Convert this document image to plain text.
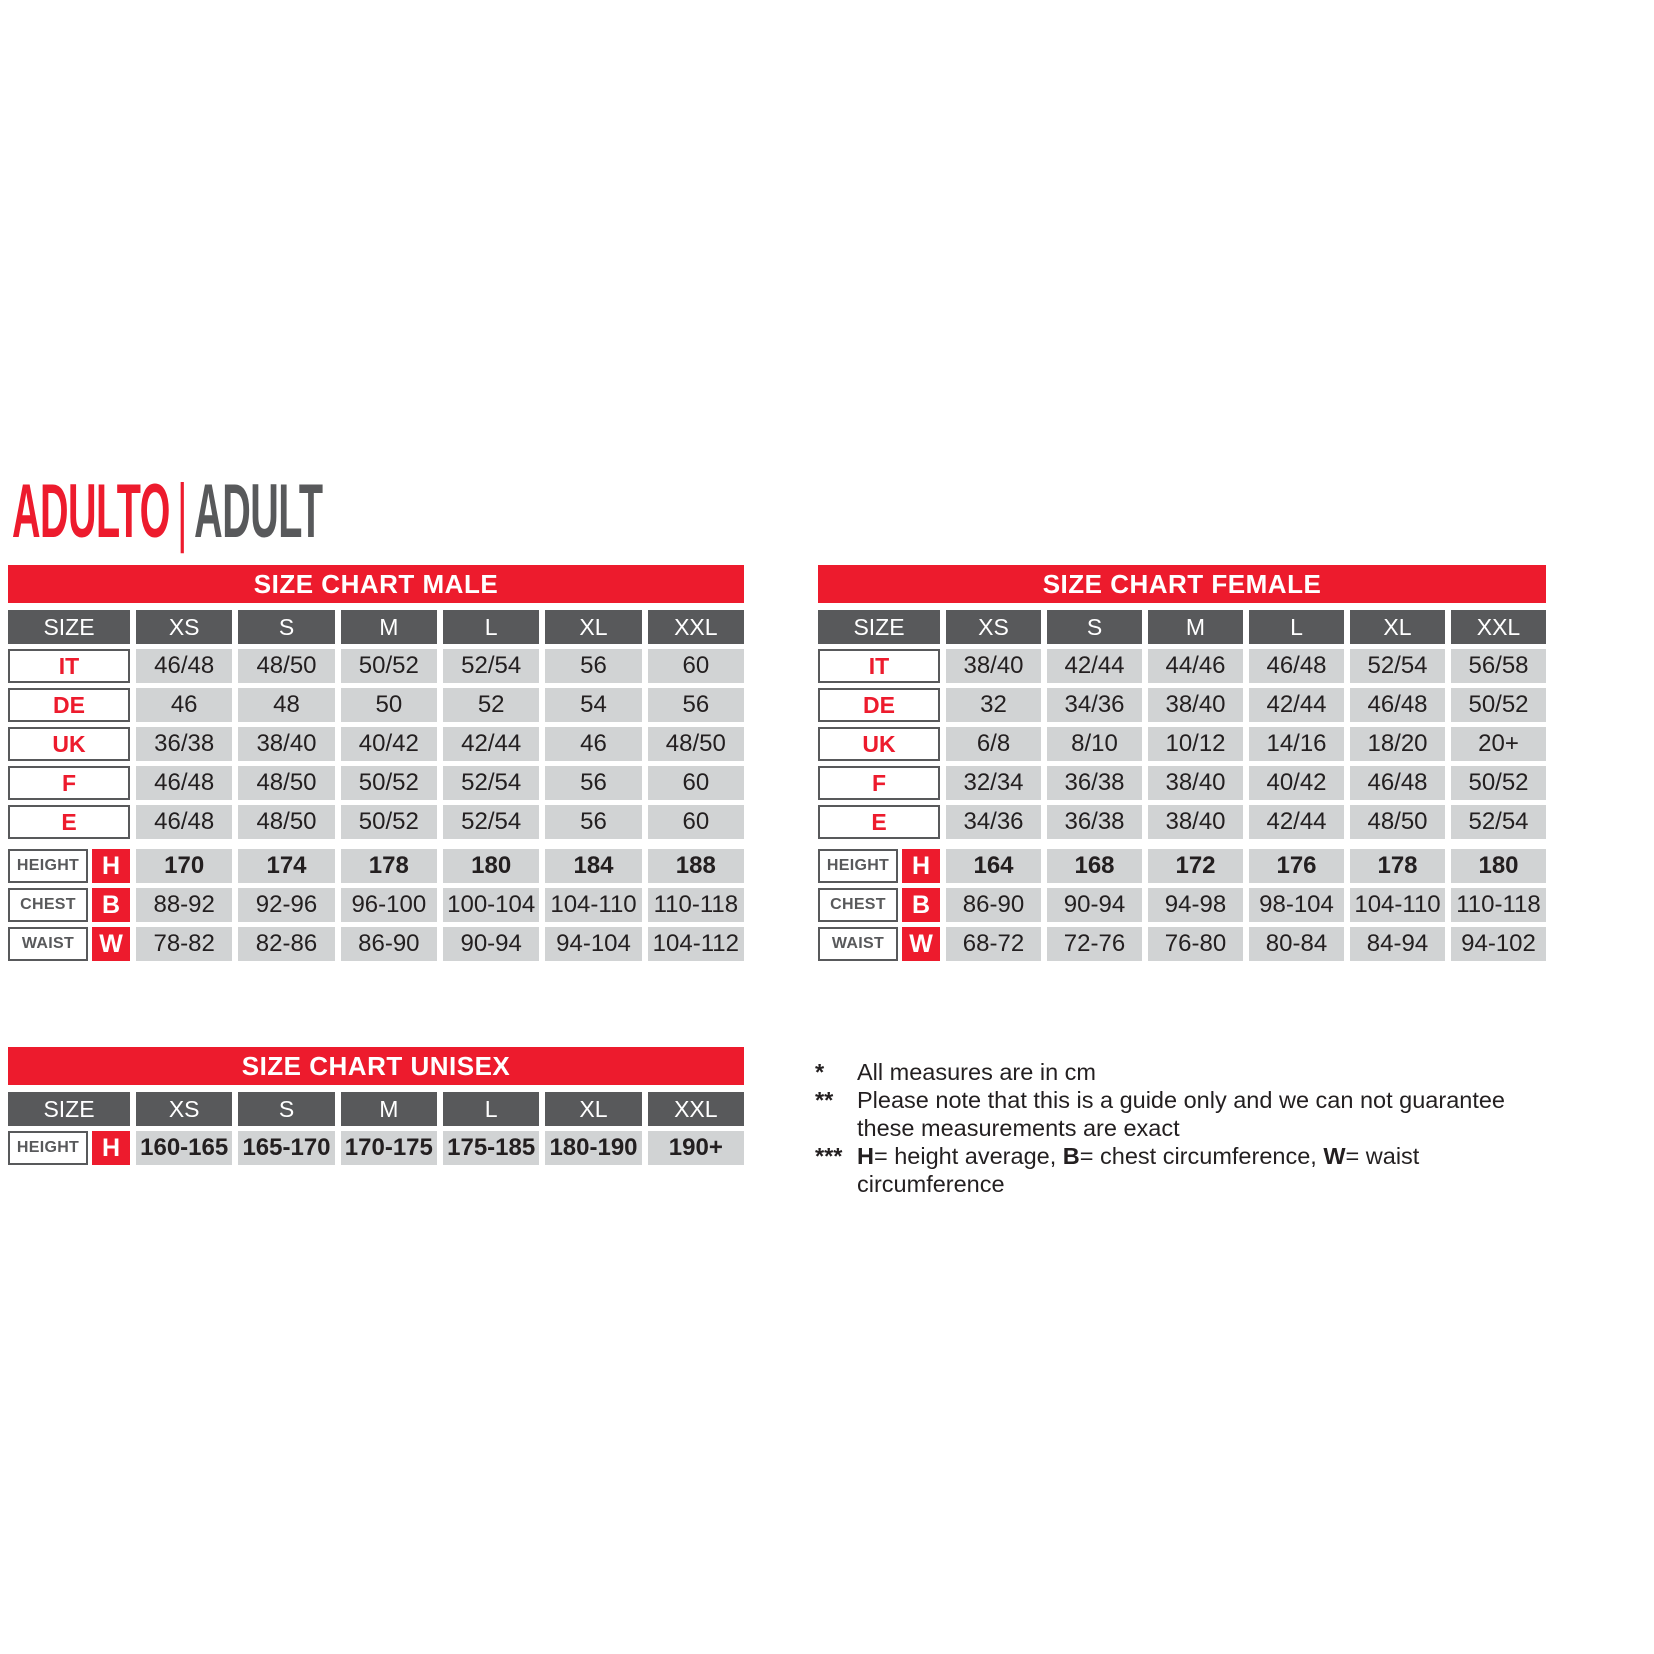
ADULTO|ADULT
SIZE CHART MALE
SIZE	XS	S	M	L	XL	XXL
IT	46/48	48/50	50/52	52/54	56	60
DE	46	48	50	52	54	56
UK	36/38	38/40	40/42	42/44	46	48/50
F	46/48	48/50	50/52	52/54	56	60
E	46/48	48/50	50/52	52/54	56	60
HEIGHT H	170	174	178	180	184	188
CHEST	B	88-92	92-96	96-100 100-104 104-110 110-118
WAIST	W	78-82	82-86	86-90	90-94	94-104 104-112
SIZE CHART FEMALE
SIZE	XS	S	M	L	XL	XXL
IT	38/40	42/44	44/46	46/48	52/54	56/58
DE	32	34/36	38/40	42/44	46/48	50/52
UK	6/8	8/10	10/12	14/16	18/20	20+
F	32/34	36/38	38/40	40/42	46/48	50/52
E	34/36	36/38	38/40	42/44	48/50	52/54
HEIGHT H	164	168	172	176	178	180
CHEST	B	86-90	90-94	94-98	98-104 104-110 110-118
WAIST	W	68-72	72-76	76-80	80-84	84-94	94-102
SIZE CHART UNISEX
SIZE	XS	S	M	L	XL	XXL
HEIGHT H 160-165 165-170 170-175 175-185 180-190	190+
*	All measures are in cm
**	Please note that this is a guide only and we can not guarantee
these measurements are exact
*** H= height average, B= chest circumference, W= waist circumference
